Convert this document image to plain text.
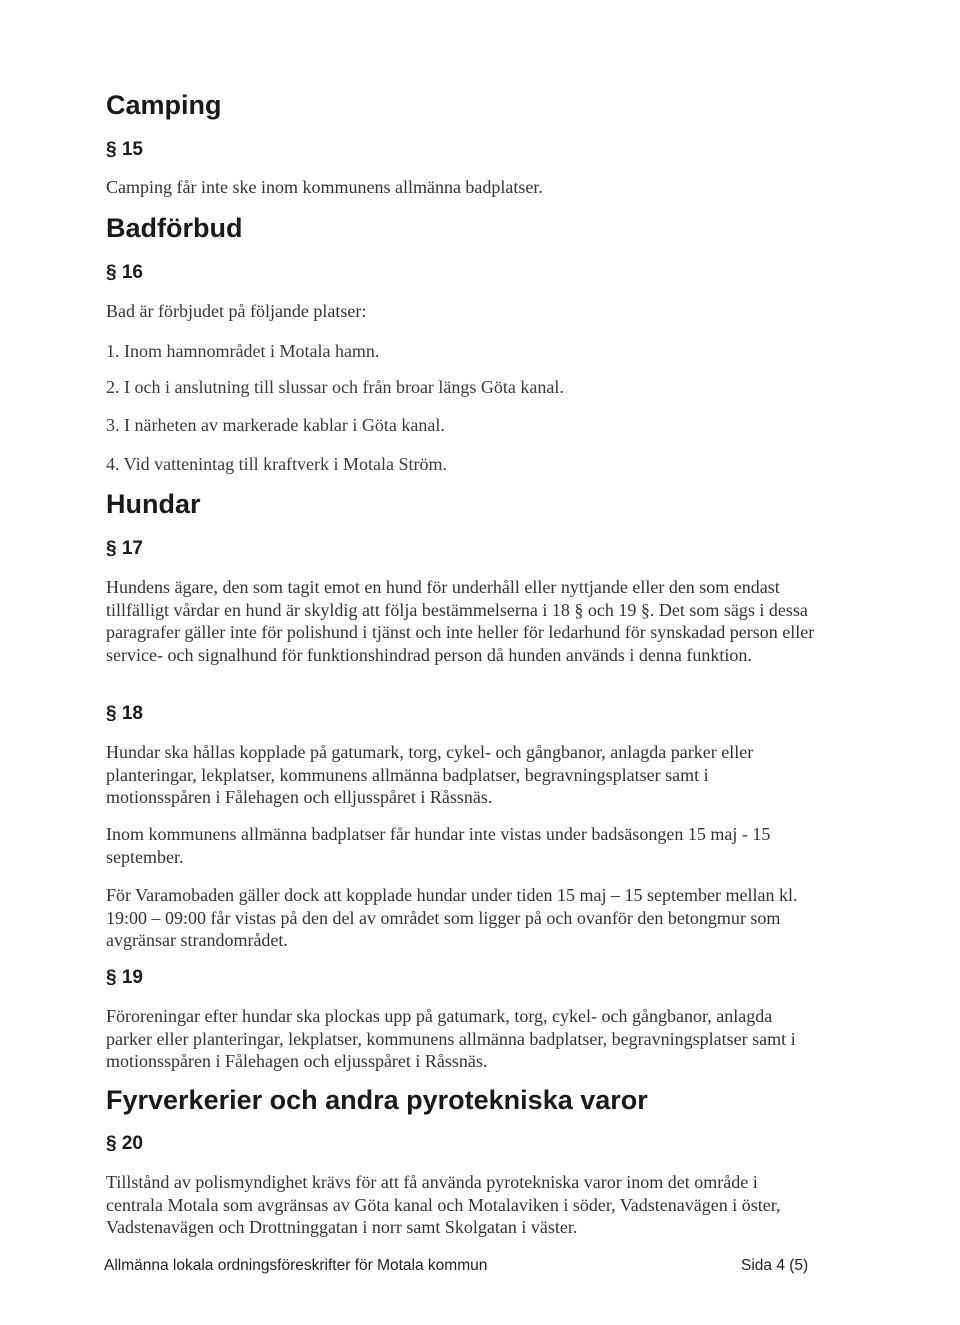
Camping

§ 15

Camping får inte ske inom kommunens allmänna badplatser.

Badförbud

§ 16

Bad är förbjudet på följande platser:

1. Inom hamnområdet i Motala hamn.

2. I och i anslutning till slussar och från broar längs Göta kanal.

3. I närheten av markerade kablar i Göta kanal.

4. Vid vattenintag till kraftverk i Motala Ström.

Hundar

§ 17

Hundens ägare, den som tagit emot en hund för underhåll eller nyttjande eller den som endast tillfälligt vårdar en hund är skyldig att följa bestämmelserna i 18 § och 19 §. Det som sägs i dessa paragrafer gäller inte för polishund i tjänst och inte heller för ledarhund för synskadad person eller service- och signalhund för funktionshindrad person då hunden används i denna funktion.

§ 18

Hundar ska hållas kopplade på gatumark, torg, cykel- och gångbanor, anlagda parker eller planteringar, lekplatser, kommunens allmänna badplatser, begravningsplatser samt i motionsspåren i Fålehagen och elljusspåret i Råssnäs.

Inom kommunens allmänna badplatser får hundar inte vistas under badsäsongen 15 maj - 15 september.

För Varamobaden gäller dock att kopplade hundar under tiden 15 maj – 15 september mellan kl. 19:00 – 09:00 får vistas på den del av området som ligger på och ovanför den betongmur som avgränsar strandområdet.

§ 19

Föroreningar efter hundar ska plockas upp på gatumark, torg, cykel- och gångbanor, anlagda parker eller planteringar, lekplatser, kommunens allmänna badplatser, begravningsplatser samt i motionsspåren i Fålehagen och eljusspåret i Råssnäs.

Fyrverkerier och andra pyrotekniska varor

§ 20

Tillstånd av polismyndighet krävs för att få använda pyrotekniska varor inom det område i centrala Motala som avgränsas av Göta kanal och Motalaviken i söder, Vadstenavägen i öster, Vadstenavägen och Drottninggatan i norr samt Skolgatan i väster.

Allmänna lokala ordningsföreskrifter för Motala kommun	Sida 4 (5)
